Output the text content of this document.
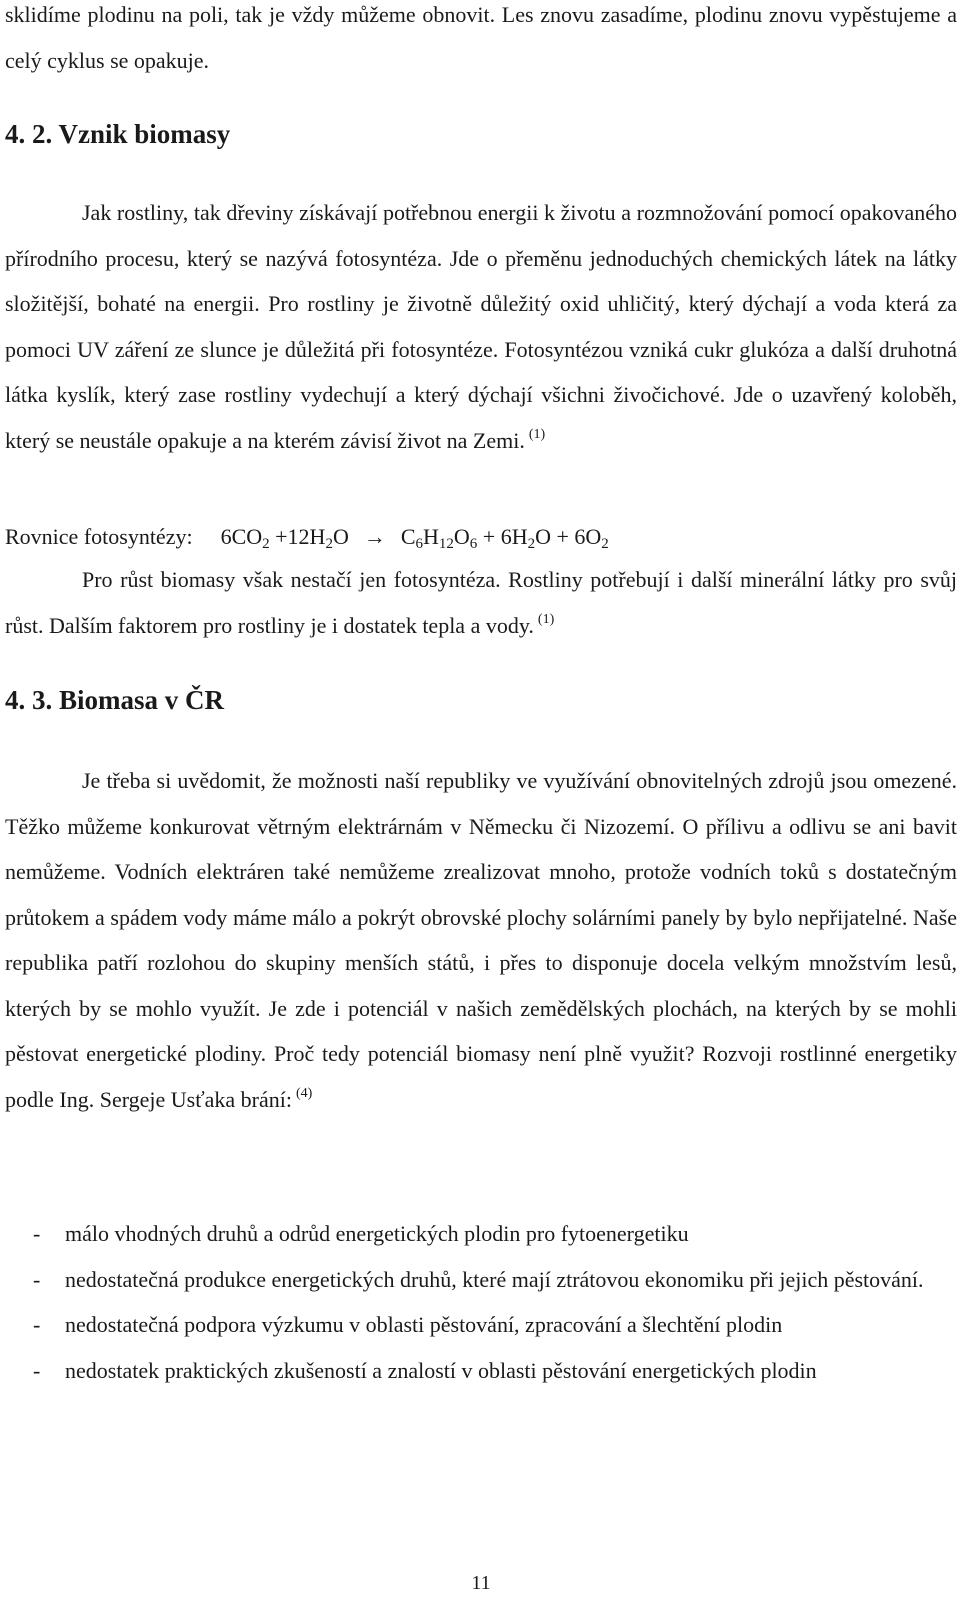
sklidíme plodinu na poli, tak je vždy můžeme obnovit. Les znovu zasadíme, plodinu znovu vypěstujeme a celý cyklus se opakuje.

4. 2. Vznik biomasy

Jak rostliny, tak dřeviny získávají potřebnou energii k životu a rozmnožování pomocí opakovaného přírodního procesu, který se nazývá fotosyntéza. Jde o přeměnu jednoduchých chemických látek na látky složitější, bohaté na energii. Pro rostliny je životně důležitý oxid uhličitý, který dýchají a voda která za pomoci UV záření ze slunce je důležitá při fotosyntéze. Fotosyntézou vzniká cukr glukóza a další druhotná látka kyslík, který zase rostliny vydechují a který dýchají všichni živočichové. Jde o uzavřený koloběh, který se neustále opakuje a na kterém závisí život na Zemi. $^{(1)}$

Rovnice fotosyntézy: $6CO_2 +12H_2O \to C_6H_{12}O_6 + 6H_2O + 6O_2$

Pro růst biomasy však nestačí jen fotosyntéza. Rostliny potřebují i další minerální látky pro svůj růst. Dalším faktorem pro rostliny je i dostatek tepla a vody. $^{(1)}$

4. 3. Biomasa v ČR

Je třeba si uvědomit, že možnosti naší republiky ve využívání obnovitelných zdrojů jsou omezené. Těžko můžeme konkurovat větrným elektrárnám v Německu či Nizozemí. O přílivu a odlivu se ani bavit nemůžeme. Vodních elektráren také nemůžeme zrealizovat mnoho, protože vodních toků s dostatečným průtokem a spádem vody máme málo a pokrýt obrovské plochy solárními panely by bylo nepřijatelné. Naše republika patří rozlohou do skupiny menších států, i přes to disponuje docela velkým množstvím lesů, kterých by se mohlo využít. Je zde i potenciál v našich zemědělských plochách, na kterých by se mohli pěstovat energetické plodiny. Proč tedy potenciál biomasy není plně využit? Rozvoji rostlinné energetiky podle Ing. Sergeje Usťaka brání: $^{(4)}$

- málo vhodných druhů a odrůd energetických plodin pro fytoenergetiku
- nedostatečná produkce energetických druhů, které mají ztrátovou ekonomiku při jejich pěstování.
- nedostatečná podpora výzkumu v oblasti pěstování, zpracování a šlechtění plodin
- nedostatek praktických zkušeností a znalostí v oblasti pěstování energetických plodin
11
